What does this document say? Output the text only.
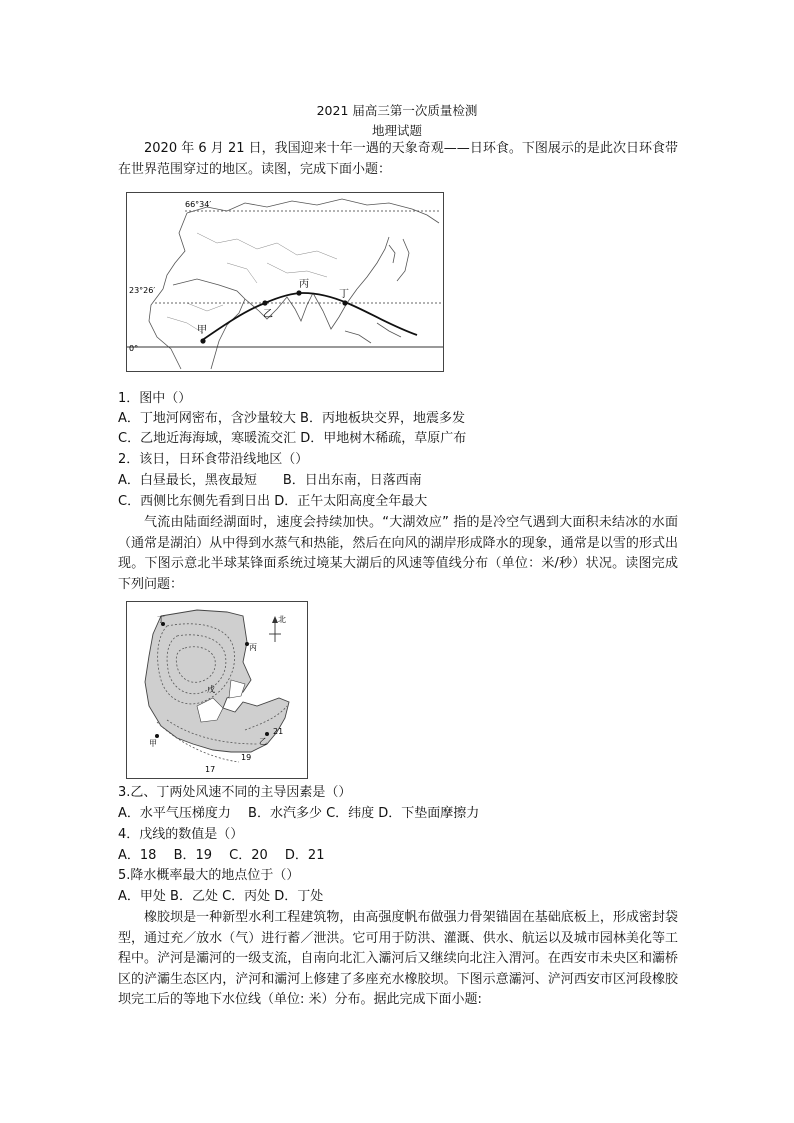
2021 届高三第一次质量检测
地理试题
2020 年 6 月 21 日，我国迎来十年一遇的天象奇观——日环食。下图展示的是此次日环食带在世界范围穿过的地区。读图，完成下面小题：
66°34′
23°26′
0°
甲
乙
丙
丁
1．图中（）
A．丁地河网密布，含沙量较大 B．丙地板块交界，地震多发
C．乙地近海海域，寒暖流交汇 D．甲地树木稀疏，草原广布
2．该日，日环食带沿线地区（）
A．白昼最长，黑夜最短　　B．日出东南，日落西南
C．西侧比东侧先看到日出 D．正午太阳高度全年最大
气流由陆面经湖面时，速度会持续加快。“大湖效应” 指的是冷空气遇到大面积未结冰的水面（通常是湖泊）从中得到水蒸气和热能，然后在向风的湖岸形成降水的现象，通常是以雪的形式出现。下图示意北半球某锋面系统过境某大湖后的风速等值线分布（单位：米/秒）状况。读图完成下列问题：
北
丁
丙
戊
乙
甲
21
19
17
3.乙、丁两处风速不同的主导因素是（）
A．水平气压梯度力　 B．水汽多少 C．纬度 D．下垫面摩擦力
4．戊线的数值是（）
A．18　 B．19　 C．20　 D．21
5.降水概率最大的地点位于（）
A．甲处 B．乙处 C．丙处 D．丁处
橡胶坝是一种新型水利工程建筑物，由高强度帆布做强力骨架锚固在基础底板上，形成密封袋型，通过充／放水（气）进行蓄／泄洪。它可用于防洪、灌溉、供水、航运以及城市园林美化等工程中。浐河是灞河的一级支流，自南向北汇入灞河后又继续向北注入渭河。在西安市未央区和灞桥区的浐灞生态区内，浐河和灞河上修建了多座充水橡胶坝。下图示意灞河、浐河西安市区河段橡胶坝完工后的等地下水位线（单位: 米）分布。据此完成下面小题:
